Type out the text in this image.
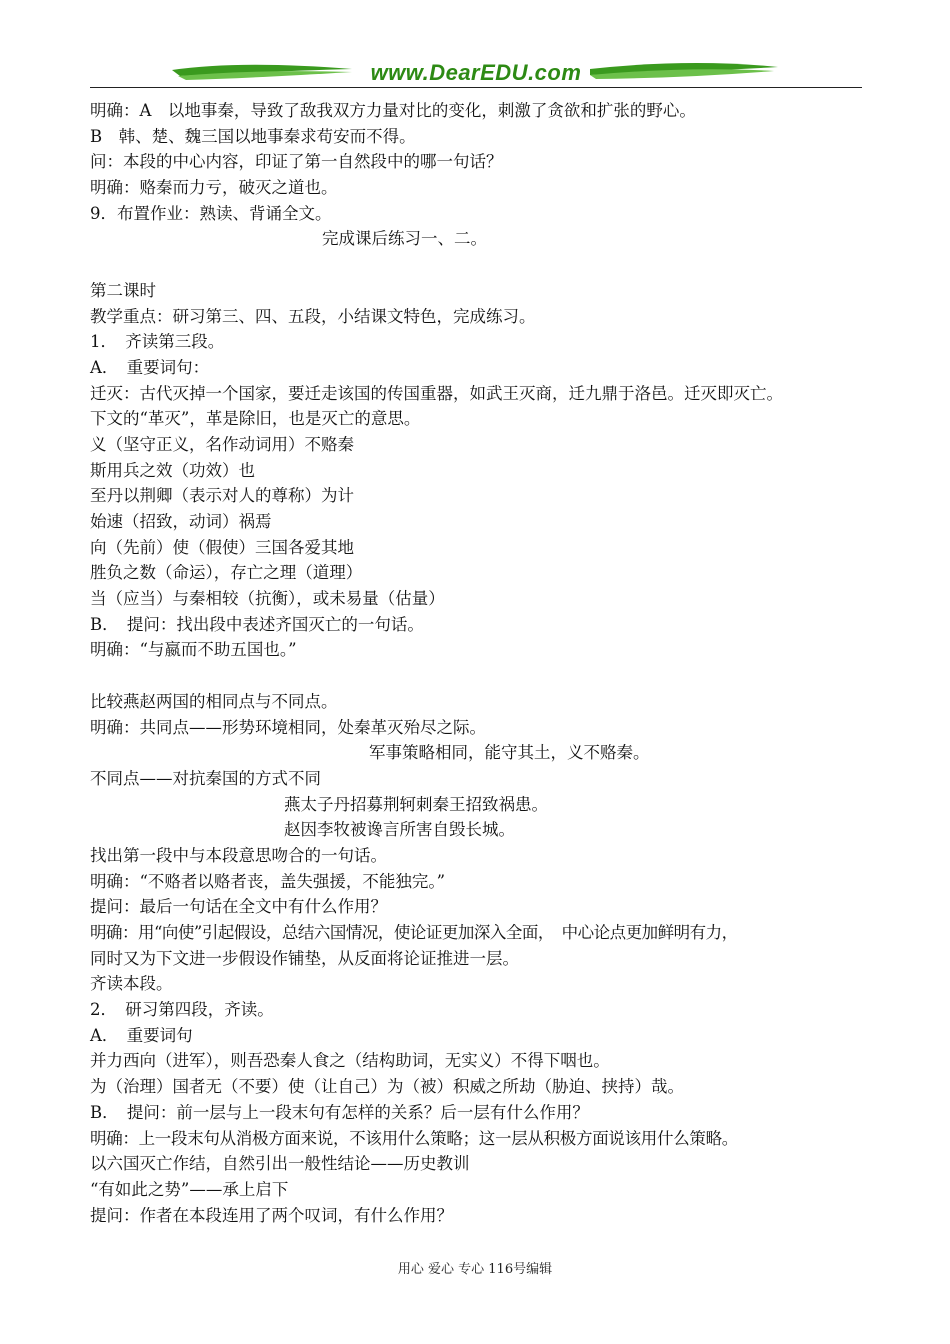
www.DearEDU.com
明确：A　以地事秦，导致了敌我双方力量对比的变化，刺激了贪欲和扩张的野心。
B　韩、楚、魏三国以地事秦求苟安而不得。
问：本段的中心内容，印证了第一自然段中的哪一句话？
明确：赂秦而力亏，破灭之道也。
9．布置作业：熟读、背诵全文。
完成课后练习一、二。
第二课时
教学重点：研习第三、四、五段，小结课文特色，完成练习。
1．　齐读第三段。
A．　重要词句：
迁灭：古代灭掉一个国家，要迁走该国的传国重器，如武王灭商，迁九鼎于洛邑。迁灭即灭亡。
下文的“革灭”，革是除旧，也是灭亡的意思。
义（坚守正义，名作动词用）不赂秦
斯用兵之效（功效）也
至丹以荆卿（表示对人的尊称）为计
始速（招致，动词）祸焉
向（先前）使（假使）三国各爱其地
胜负之数（命运），存亡之理（道理）
当（应当）与秦相较（抗衡），或未易量（估量）
B．　提问：找出段中表述齐国灭亡的一句话。
明确：“与嬴而不助五国也。”
比较燕赵两国的相同点与不同点。
明确：共同点——形势环境相同，处秦革灭殆尽之际。
军事策略相同，能守其土，义不赂秦。
不同点——对抗秦国的方式不同
燕太子丹招募荆轲刺秦王招致祸患。
赵因李牧被谗言所害自毁长城。
找出第一段中与本段意思吻合的一句话。
明确：“不赂者以赂者丧，盖失强援，不能独完。”
提问：最后一句话在全文中有什么作用？
明确：用“向使”引起假设，总结六国情况，使论证更加深入全面，　中心论点更加鲜明有力，
同时又为下文进一步假设作铺垫，从反面将论证推进一层。
齐读本段。
2．　研习第四段，齐读。
A．　重要词句
并力西向（进军），则吾恐秦人食之（结构助词，无实义）不得下咽也。
为（治理）国者无（不要）使（让自己）为（被）积威之所劫（胁迫、挟持）哉。
B．　提问：前一层与上一段末句有怎样的关系？后一层有什么作用？
明确：上一段末句从消极方面来说，不该用什么策略；这一层从积极方面说该用什么策略。
以六国灭亡作结，自然引出一般性结论——历史教训
“有如此之势”——承上启下
提问：作者在本段连用了两个叹词，有什么作用？
用心 爱心 专心 116号编辑
